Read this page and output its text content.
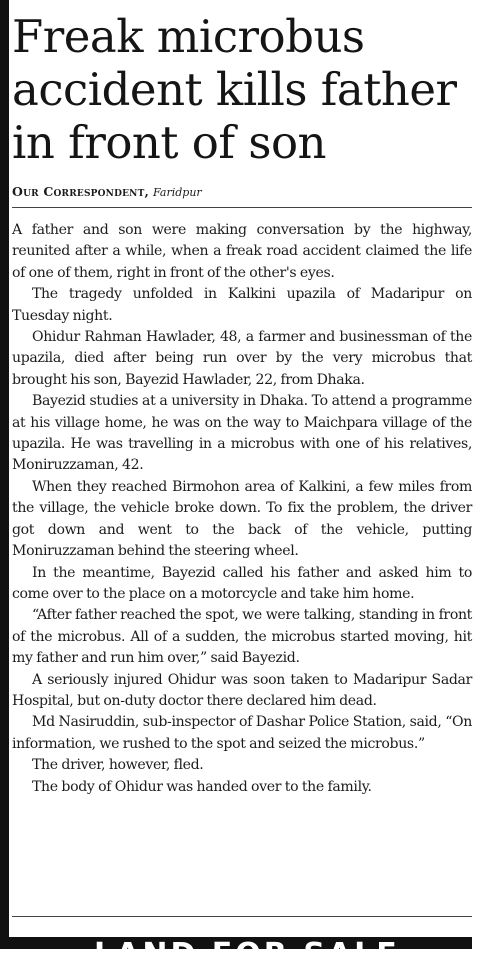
Freak microbus accident kills father in front of son
Our Correspondent, Faridpur

A father and son were making conversation by the highway, reunited after a while, when a freak road accident claimed the life of one of them, right in front of the other's eyes.

The tragedy unfolded in Kalkini upazila of Madaripur on Tuesday night.

Ohidur Rahman Hawlader, 48, a farmer and businessman of the upazila, died after being run over by the very microbus that brought his son, Bayezid Hawlader, 22, from Dhaka.

Bayezid studies at a university in Dhaka. To attend a programme at his village home, he was on the way to Maichpara village of the upazila. He was travelling in a microbus with one of his relatives, Moniruzzaman, 42.

When they reached Birmohon area of Kalkini, a few miles from the village, the vehicle broke down. To fix the problem, the driver got down and went to the back of the vehicle, putting Moniruzzaman behind the steering wheel.

In the meantime, Bayezid called his father and asked him to come over to the place on a motorcycle and take him home.

“After father reached the spot, we were talking, standing in front of the microbus. All of a sudden, the microbus started moving, hit my father and run him over,” said Bayezid.

A seriously injured Ohidur was soon taken to Madaripur Sadar Hospital, but on-duty doctor there declared him dead.

Md Nasiruddin, sub-inspector of Dashar Police Station, said, “On information, we rushed to the spot and seized the microbus.”

The driver, however, fled.

The body of Ohidur was handed over to the family.

LAND FOR SALE
